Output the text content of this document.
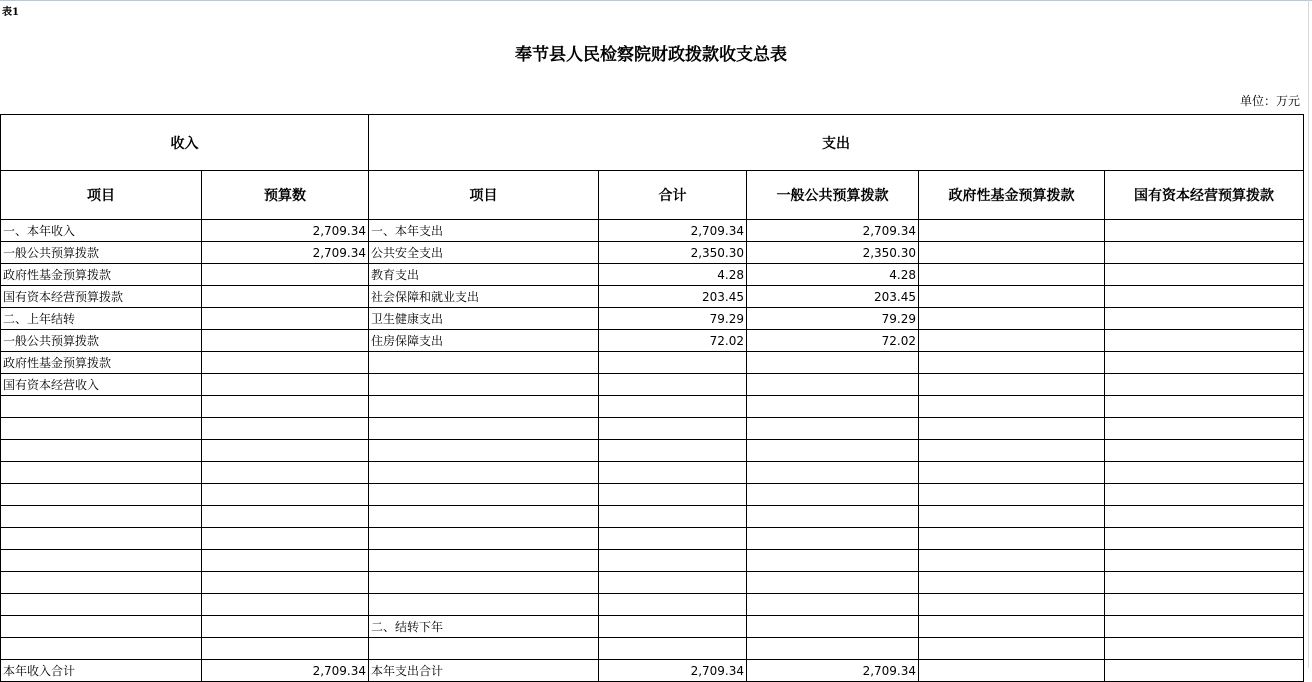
表1
奉节县人民检察院财政拨款收支总表
单位：万元
收入		支出				
项目	预算数	项目	合计	一般公共预算拨款	政府性基金预算拨款	国有资本经营预算拨款
一、本年收入	2,709.34	一、本年支出	2,709.34	2,709.34		
一般公共预算拨款	2,709.34	公共安全支出	2,350.30	2,350.30		
政府性基金预算拨款		教育支出	4.28	4.28		
国有资本经营预算拨款		社会保障和就业支出	203.45	203.45		
二、上年结转		卫生健康支出	79.29	79.29		
一般公共预算拨款		住房保障支出	72.02	72.02		
政府性基金预算拨款						
国有资本经营收入						

		二、结转下年				

本年收入合计	2,709.34	本年支出合计	2,709.34	2,709.34		
